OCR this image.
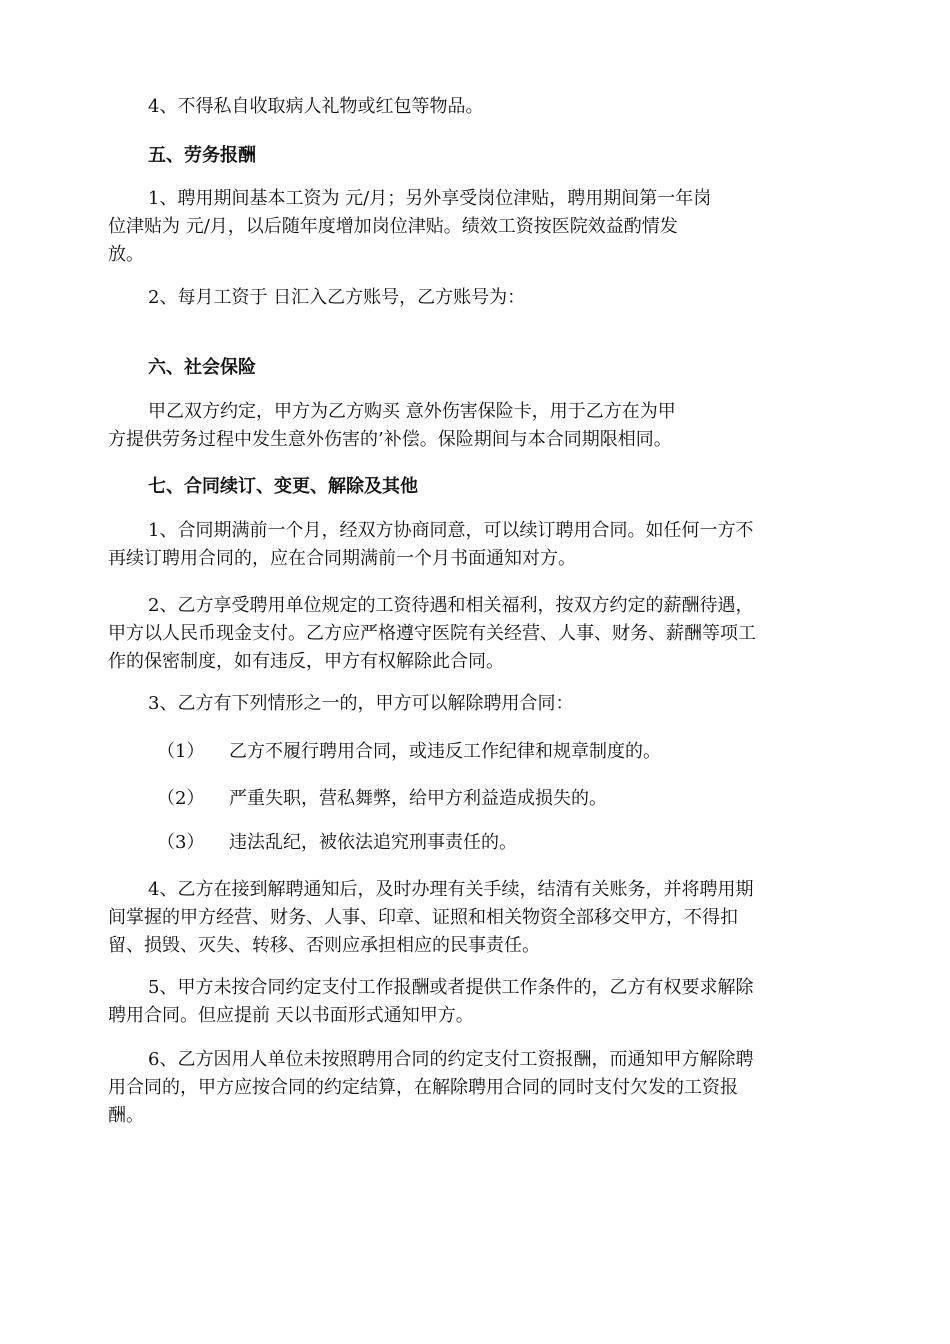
4、不得私自收取病人礼物或红包等物品。

五、劳务报酬

1、聘用期间基本工资为 元/月；另外享受岗位津贴，聘用期间第一年岗
位津贴为 元/月，以后随年度增加岗位津贴。绩效工资按医院效益酌情发
放。

2、每月工资于 日汇入乙方账号，乙方账号为：

六、社会保险

甲乙双方约定，甲方为乙方购买 意外伤害保险卡，用于乙方在为甲
方提供劳务过程中发生意外伤害的’补偿。保险期间与本合同期限相同。

七、合同续订、变更、解除及其他

1、合同期满前一个月，经双方协商同意，可以续订聘用合同。如任何一方不
再续订聘用合同的，应在合同期满前一个月书面通知对方。

2、乙方享受聘用单位规定的工资待遇和相关福利，按双方约定的薪酬待遇，
甲方以人民币现金支付。乙方应严格遵守医院有关经营、人事、财务、薪酬等项工
作的保密制度，如有违反，甲方有权解除此合同。

3、乙方有下列情形之一的，甲方可以解除聘用合同：

（1） 乙方不履行聘用合同，或违反工作纪律和规章制度的。
（2） 严重失职，营私舞弊，给甲方利益造成损失的。
（3） 违法乱纪，被依法追究刑事责任的。

4、乙方在接到解聘通知后，及时办理有关手续，结清有关账务，并将聘用期
间掌握的甲方经营、财务、人事、印章、证照和相关物资全部移交甲方，不得扣
留、损毁、灭失、转移、否则应承担相应的民事责任。

5、甲方未按合同约定支付工作报酬或者提供工作条件的，乙方有权要求解除
聘用合同。但应提前 天以书面形式通知甲方。

6、乙方因用人单位未按照聘用合同的约定支付工资报酬，而通知甲方解除聘
用合同的，甲方应按合同的约定结算，在解除聘用合同的同时支付欠发的工资报
酬。
